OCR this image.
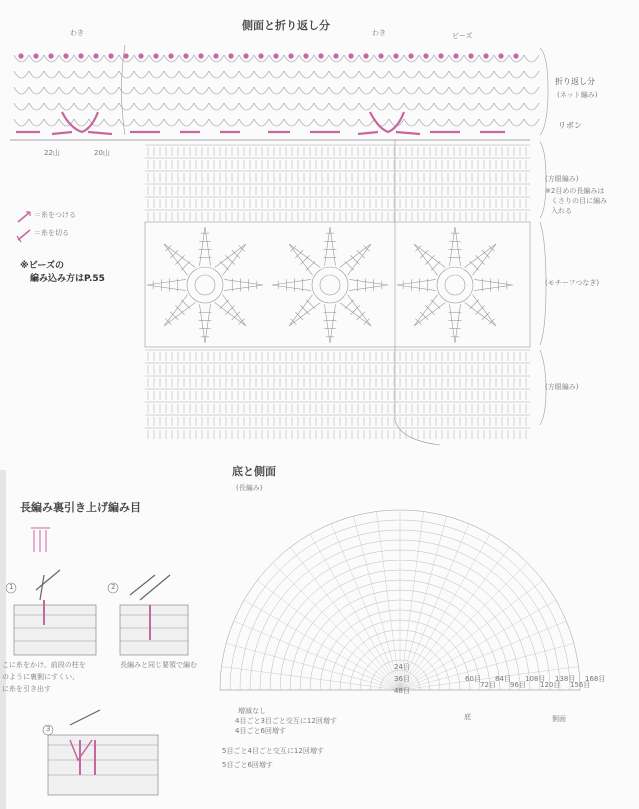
側面と折り返し分
わき	わき	ビーズ
折り返し分
(ネット編み)
リボン
(方眼編み)
※2目めの長編みは
くさりの目に編み
入れる
(モチーフつなぎ)
(方眼編み)
22山	20山
＝糸をつける
＝糸を切る
※ビーズの
編み込み方はP.55
底と側面
(長編み)
長編み裏引き上げ編み目
1	2
3
こに糸をかけ、前段の柱を
のように裏側にすくい、
に糸を引き出す
長編みと同じ要領で編む
増減なし
4目ごと3目ごと交互に12回増す
4目ごと6回増す
5目ごと4目ごと交互に12回増す
5目ごと6回増す
底	側面
60目
72目
84目
96目
108目
120目
138目
156目
168目
24目
36目
48目
